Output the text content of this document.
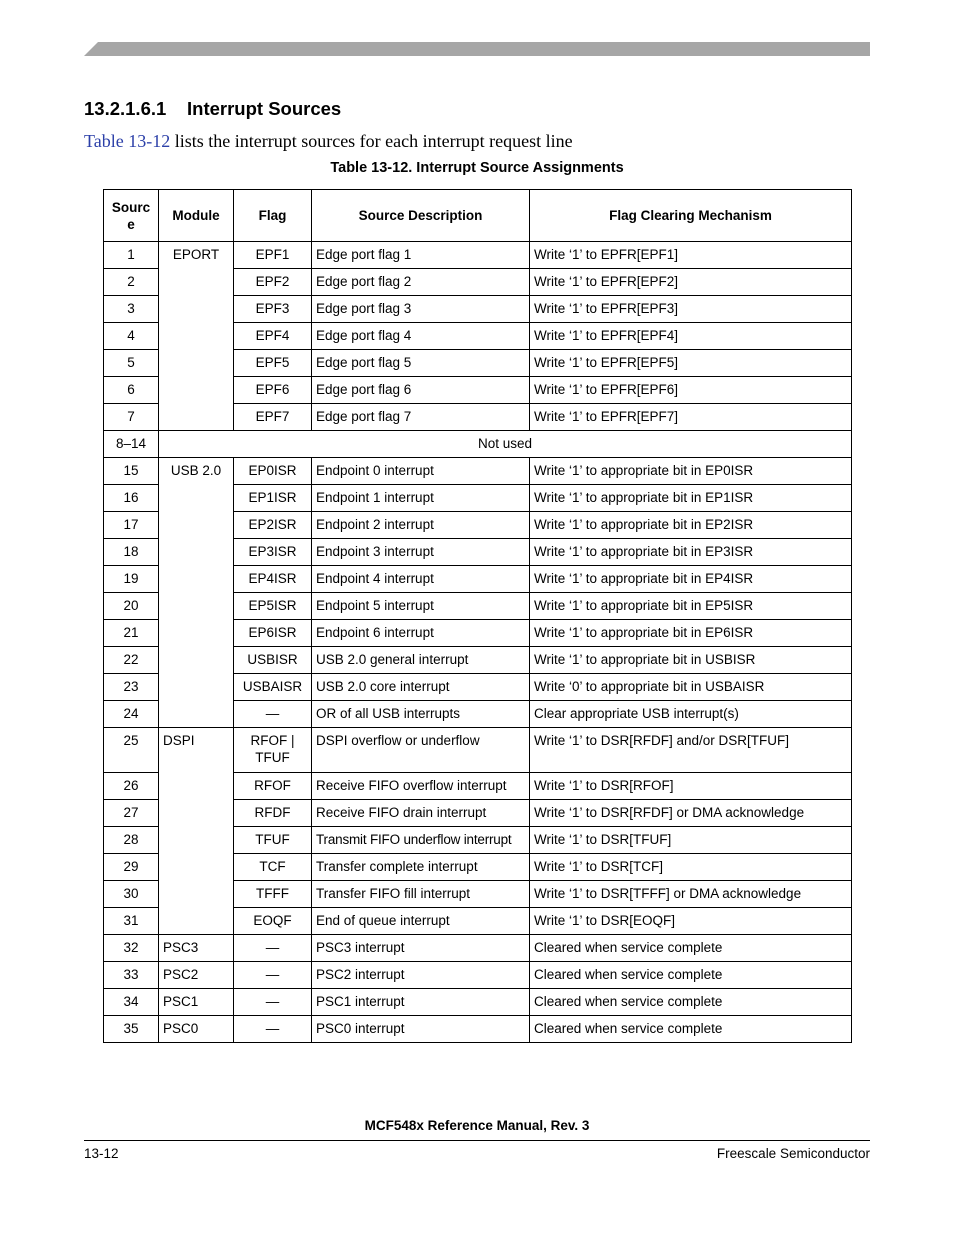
13.2.1.6.1 Interrupt Sources
Table 13-12 lists the interrupt sources for each interrupt request line
Table 13-12. Interrupt Source Assignments
Sourc e	Module	Flag	Source Description	Flag Clearing Mechanism
1	EPORT	EPF1	Edge port flag 1	Write ‘1’ to EPFR[EPF1]
2		EPF2	Edge port flag 2	Write ‘1’ to EPFR[EPF2]
3		EPF3	Edge port flag 3	Write ‘1’ to EPFR[EPF3]
4		EPF4	Edge port flag 4	Write ‘1’ to EPFR[EPF4]
5		EPF5	Edge port flag 5	Write ‘1’ to EPFR[EPF5]
6		EPF6	Edge port flag 6	Write ‘1’ to EPFR[EPF6]
7		EPF7	Edge port flag 7	Write ‘1’ to EPFR[EPF7]
8–14	Not used			
15	USB 2.0	EP0ISR	Endpoint 0 interrupt	Write ‘1’ to appropriate bit in EP0ISR
16		EP1ISR	Endpoint 1 interrupt	Write ‘1’ to appropriate bit in EP1ISR
17		EP2ISR	Endpoint 2 interrupt	Write ‘1’ to appropriate bit in EP2ISR
18		EP3ISR	Endpoint 3 interrupt	Write ‘1’ to appropriate bit in EP3ISR
19		EP4ISR	Endpoint 4 interrupt	Write ‘1’ to appropriate bit in EP4ISR
20		EP5ISR	Endpoint 5 interrupt	Write ‘1’ to appropriate bit in EP5ISR
21		EP6ISR	Endpoint 6 interrupt	Write ‘1’ to appropriate bit in EP6ISR
22		USBISR	USB 2.0 general interrupt	Write ‘1’ to appropriate bit in USBISR
23		USBAISR	USB 2.0 core interrupt	Write ‘0’ to appropriate bit in USBAISR
24		—	OR of all USB interrupts	Clear appropriate USB interrupt(s)
25	DSPI	RFOF | TFUF	DSPI overflow or underflow	Write ‘1’ to DSR[RFDF] and/or DSR[TFUF]
26		RFOF	Receive FIFO overflow interrupt	Write ‘1’ to DSR[RFOF]
27		RFDF	Receive FIFO drain interrupt	Write ‘1’ to DSR[RFDF] or DMA acknowledge
28		TFUF	Transmit FIFO underflow interrupt	Write ‘1’ to DSR[TFUF]
29		TCF	Transfer complete interrupt	Write ‘1’ to DSR[TCF]
30		TFFF	Transfer FIFO fill interrupt	Write ‘1’ to DSR[TFFF] or DMA acknowledge
31		EOQF	End of queue interrupt	Write ‘1’ to DSR[EOQF]
32	PSC3	—	PSC3 interrupt	Cleared when service complete
33	PSC2	—	PSC2 interrupt	Cleared when service complete
34	PSC1	—	PSC1 interrupt	Cleared when service complete
35	PSC0	—	PSC0 interrupt	Cleared when service complete
MCF548x Reference Manual, Rev. 3
13-12	Freescale Semiconductor
